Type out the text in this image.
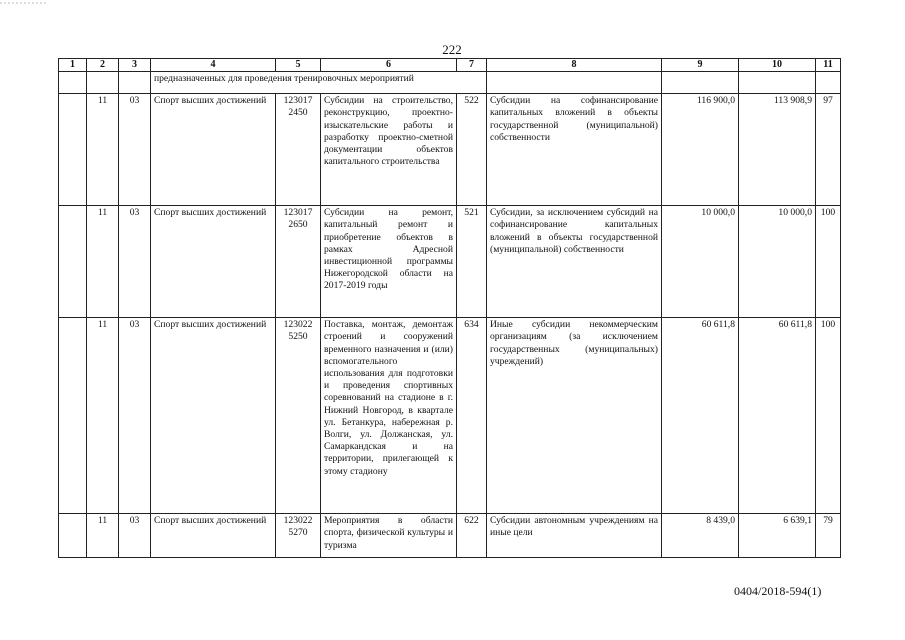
222
1	2	3	4	5	6	7	8	9	10	11
			предназначенных для проведения тренировочных мероприятий							
	11	03	Спорт высших достижений	123017 2450	Субсидии на строительство, реконструкцию, проектно-изыскательские работы и разработку проектно-сметной документации объектов капитального строительства	522	Субсидии на софинансирование капитальных вложений в объекты государственной (муниципальной) собственности	116 900,0	113 908,9	97
	11	03	Спорт высших достижений	123017 2650	Субсидии на ремонт, капитальный ремонт и приобретение объектов в рамках Адресной инвестиционной программы Нижегородской области на 2017-2019 годы	521	Субсидии, за исключением субсидий на софинансирование капитальных вложений в объекты государственной (муниципальной) собственности	10 000,0	10 000,0	100
	11	03	Спорт высших достижений	123022 5250	Поставка, монтаж, демонтаж строений и сооружений временного назначения и (или) вспомогательного использования для подготовки и проведения спортивных соревнований на стадионе в г. Нижний Новгород, в квартале ул. Бетанкура, набережная р. Волги, ул. Должанская, ул. Самаркандская и на территории, прилегающей к этому стадиону	634	Иные субсидии некоммерческим организациям (за исключением государственных (муниципальных) учреждений)	60 611,8	60 611,8	100
	11	03	Спорт высших достижений	123022 5270	Мероприятия в области спорта, физической культуры и туризма	622	Субсидии автономным учреждениям на иные цели	8 439,0	6 639,1	79
0404/2018-594(1)
